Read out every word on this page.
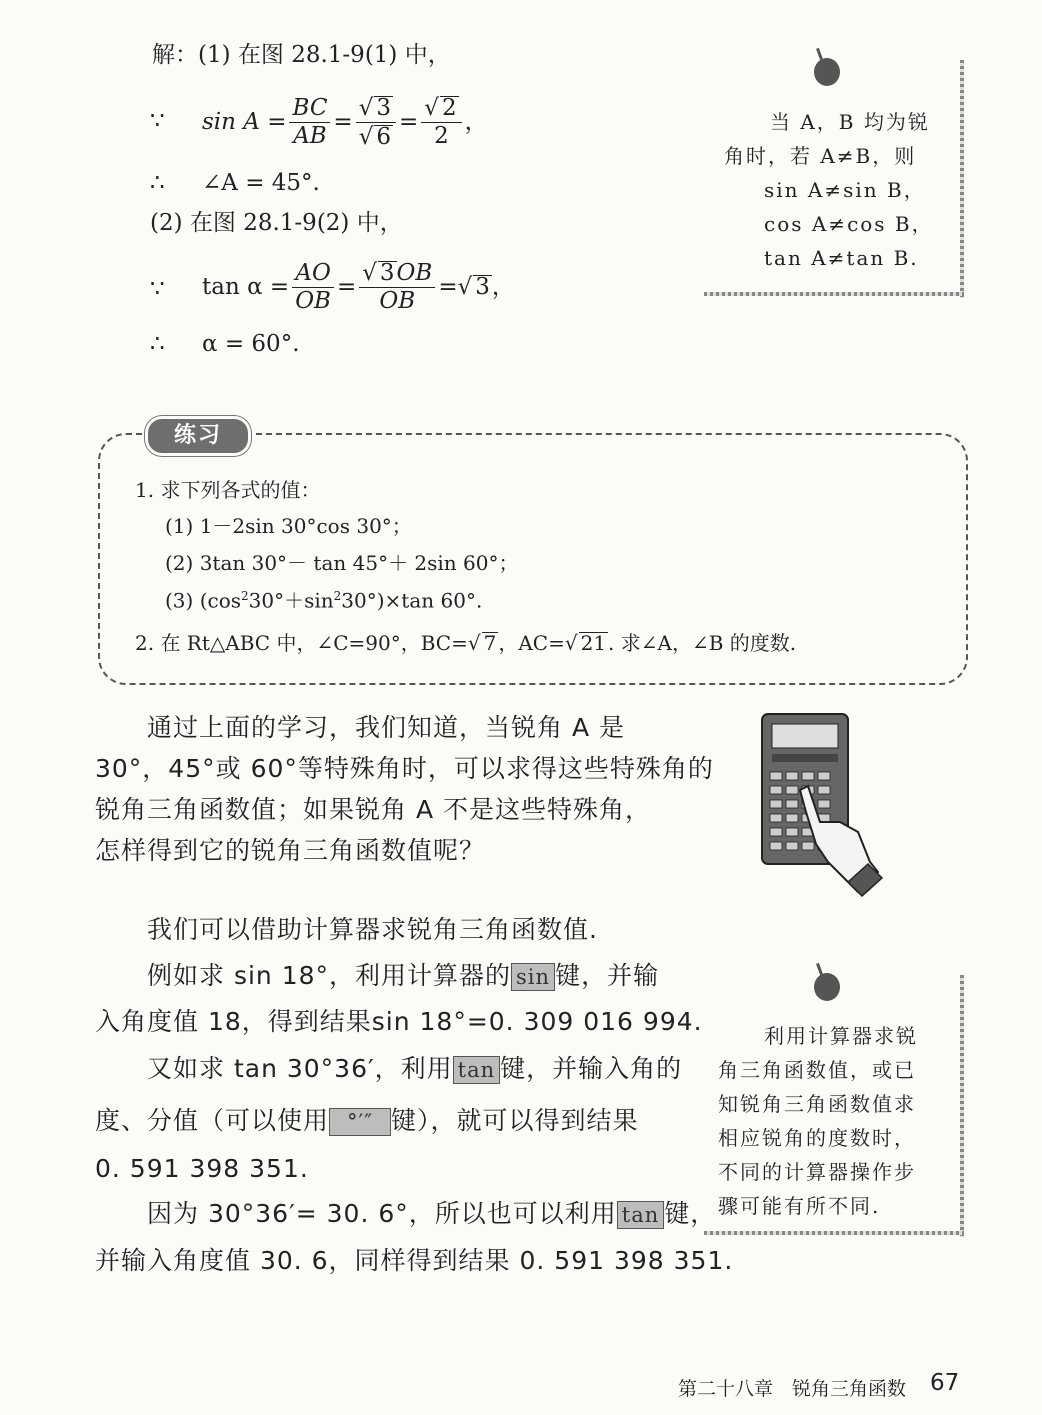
解：(1) 在图 28.1-9(1) 中，
∵ $\sin A = \frac{BC}{AB} = \frac{√ 3}{√ 6} = \frac{√ 2}{2}$ ，
∴ ∠A = 45°.
(2) 在图 28.1-9(2) 中，
∵ $\tan \alpha = \frac{AO}{OB} = \frac{√ 3OB}{OB}$ =√ 3 ，
∴ α = 60°.
当 A，B 均为锐
角时，若 A≠B，则
sin A≠sin B，
cos A≠cos B，
tan A≠tan B.
练习
1. 求下列各式的值：
(1) 1－2sin 30°cos 30°；
(2) 3tan 30°－ tan 45°＋ 2sin 60°；
(3) $(\cos^230^\circ+\sin^230^\circ)\times\tan$ 60°.
2. 在 Rt△ABC 中，∠C=90°，BC=√ 7 ，AC=√ 21 . 求∠A，∠B 的度数.
通过上面的学习，我们知道，当锐角 A 是
30°，45°或 60°等特殊角时，可以求得这些特殊角的
锐角三角函数值；如果锐角 A 不是这些特殊角，
怎样得到它的锐角三角函数值呢？
我们可以借助计算器求锐角三角函数值.
例如求 sin 18°，利用计算器的 sin 键，并输
入角度值 18，得到结果sin 18°=0. 309 016 994.
又如求 tan 30°36′，利用 tan 键，并输入角的
度、分值（可以使用 °′″ 键），就可以得到结果
0. 591 398 351.
因为 30°36′= 30. 6°，所以也可以利用 tan 键，
并输入角度值 30. 6，同样得到结果 0. 591 398 351.
利用计算器求锐
角三角函数值，或已
知锐角三角函数值求
相应锐角的度数时，
不同的计算器操作步
骤可能有所不同.
第二十八章　锐角三角函数 67
